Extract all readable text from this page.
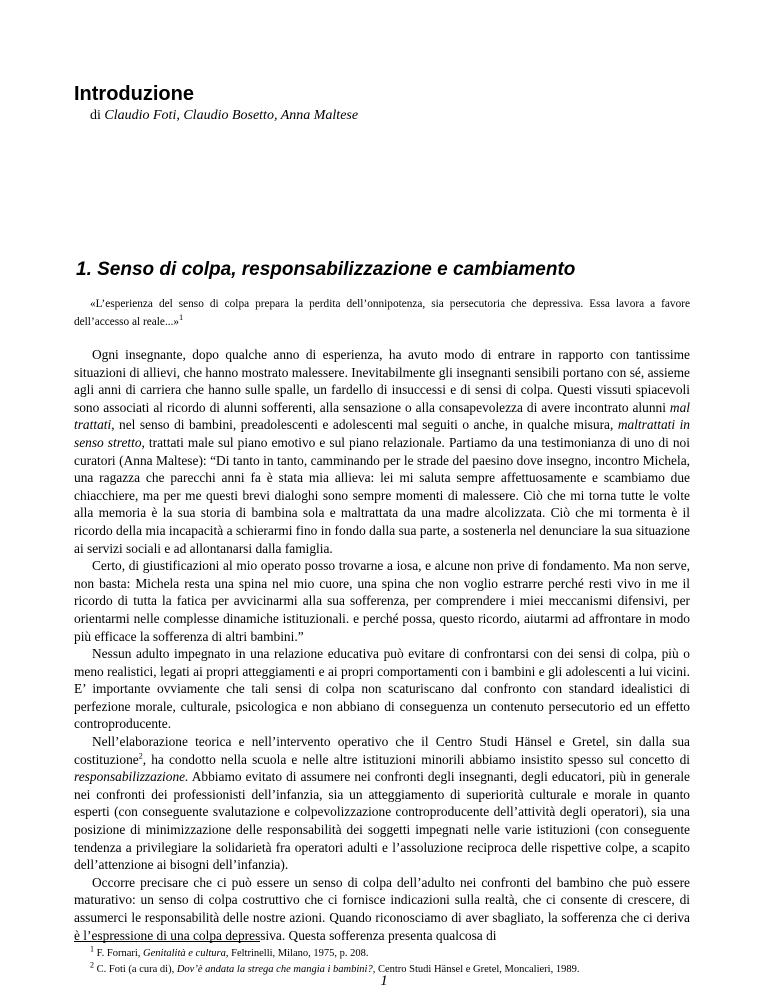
Introduzione
di Claudio Foti, Claudio Bosetto, Anna Maltese
1. Senso di colpa, responsabilizzazione e cambiamento

«L’esperienza del senso di colpa prepara la perdita dell’onnipotenza, sia persecutoria che depressiva. Essa lavora a favore dell’accesso al reale...»$^1$

Ogni insegnante, dopo qualche anno di esperienza, ha avuto modo di entrare in rapporto con tantissime situazioni di allievi, che hanno mostrato malessere. Inevitabilmente gli insegnanti sensibili portano con sé, assieme agli anni di carriera che hanno sulle spalle, un fardello di insuccessi e di sensi di colpa. Questi vissuti spiacevoli sono associati al ricordo di alunni sofferenti, alla sensazione o alla consapevolezza di avere incontrato alunni mal trattati, nel senso di bambini, preadolescenti e adolescenti mal seguiti o anche, in qualche misura, maltrattati in senso stretto, trattati male sul piano emotivo e sul piano relazionale. Partiamo da una testimonianza di uno di noi curatori (Anna Maltese): “Di tanto in tanto, camminando per le strade del paesino dove insegno, incontro Michela, una ragazza che parecchi anni fa è stata mia allieva: lei mi saluta sempre affettuosamente e scambiamo due chiacchiere, ma per me questi brevi dialoghi sono sempre momenti di malessere. Ciò che mi torna tutte le volte alla memoria è la sua storia di bambina sola e maltrattata da una madre alcolizzata. Ciò che mi tormenta è il ricordo della mia incapacità a schierarmi fino in fondo dalla sua parte, a sostenerla nel denunciare la sua situazione ai servizi sociali e ad allontanarsi dalla famiglia.

Certo, di giustificazioni al mio operato posso trovarne a iosa, e alcune non prive di fondamento. Ma non serve, non basta: Michela resta una spina nel mio cuore, una spina che non voglio estrarre perché resti vivo in me il ricordo di tutta la fatica per avvicinarmi alla sua sofferenza, per comprendere i miei meccanismi difensivi, per orientarmi nelle complesse dinamiche istituzionali. e perché possa, questo ricordo, aiutarmi ad affrontare in modo più efficace la sofferenza di altri bambini.”

Nessun adulto impegnato in una relazione educativa può evitare di confrontarsi con dei sensi di colpa, più o meno realistici, legati ai propri atteggiamenti e ai propri comportamenti con i bambini e gli adolescenti a lui vicini. E’ importante ovviamente che tali sensi di colpa non scaturiscano dal confronto con standard idealistici di perfezione morale, culturale, psicologica e non abbiano di conseguenza un contenuto persecutorio ed un effetto controproducente.

Nell’elaborazione teorica e nell’intervento operativo che il Centro Studi Hänsel e Gretel, sin dalla sua costituzione$^2$, ha condotto nella scuola e nelle altre istituzioni minorili abbiamo insistito spesso sul concetto di responsabilizzazione. Abbiamo evitato di assumere nei confronti degli insegnanti, degli educatori, più in generale nei confronti dei professionisti dell’infanzia, sia un atteggiamento di superiorità culturale e morale in quanto esperti (con conseguente svalutazione e colpevolizzazione controproducente dell’attività degli operatori), sia una posizione di minimizzazione delle responsabilità dei soggetti impegnati nelle varie istituzioni (con conseguente tendenza a privilegiare la solidarietà fra operatori adulti e l’assoluzione reciproca delle rispettive colpe, a scapito dell’attenzione ai bisogni dell’infanzia).

Occorre precisare che ci può essere un senso di colpa dell’adulto nei confronti del bambino che può essere maturativo: un senso di colpa costruttivo che ci fornisce indicazioni sulla realtà, che ci consente di crescere, di assumerci le responsabilità delle nostre azioni. Quando riconosciamo di aver sbagliato, la sofferenza che ci deriva è l’espressione di una colpa depressiva. Questa sofferenza presenta qualcosa di

$^1$ F. Fornari, Genitalità e cultura, Feltrinelli, Milano, 1975, p. 208.
$^2$ C. Foti (a cura di), Dov’è andata la strega che mangia i bambini?, Centro Studi Hänsel e Gretel, Moncalieri, 1989.
1
